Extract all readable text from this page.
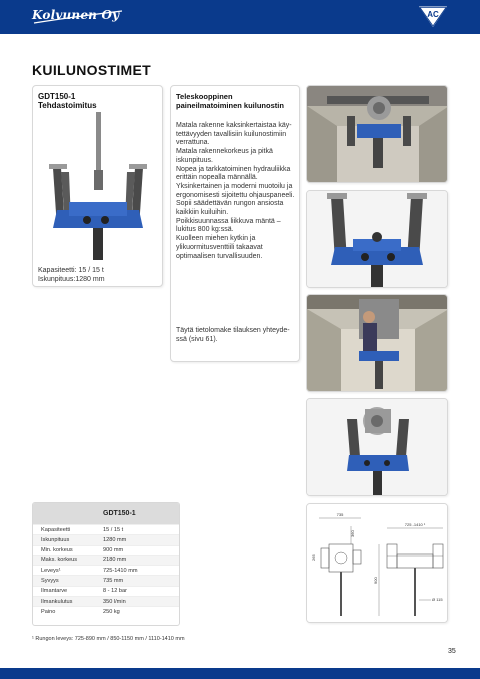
Kolvunen Oy	AC
KUILUNOSTIMET
GDT150-1
Tehdastoimitus
Kapasiteetti: 15 / 15 t
Iskunpituus:1280 mm
Teleskooppinen paineilmatoiminen kuilunostin
Matala rakenne kaksinkertaistaa käy-
tettävyyden tavallisiin kuilunostimiin
verrattuna.
Matala rakennekorkeus ja pitkä
iskunpituus.
Nopea ja tarkkatoiminen hydrauliikka
erittäin nopealla männällä.
Yksinkertainen ja moderni muotoilu ja
ergonomisesti sijoitettu ohjauspaneeli.
Sopii säädettävän rungon ansiosta
kaikkiin kuiluihin.
Poikkisuunnassa liikkuva mäntä –
lukitus 800 kg:ssä.
Kuolleen miehen kytkin ja
ylikuormitusventtiili takaavat
optimaalisen turvallisuuden.
Täytä tietolomake tilauksen yhteyde-
ssä (sivu 61).
735
360
265
725 -1410 ¹
900
Ø 115
GDT150-1
Kapasiteetti	15 / 15 t
Iskunpituus	1280 mm
Min. korkeus	900 mm
Maks. korkeus	2180 mm
Leveys¹	725-1410 mm
Syvyys	735 mm
Ilmantarve	8 - 12 bar
Ilmankulutus	350 l/min
Paino	250 kg
¹ Rungon leveys: 725-890 mm / 850-1150 mm / 1110-1410 mm
35
